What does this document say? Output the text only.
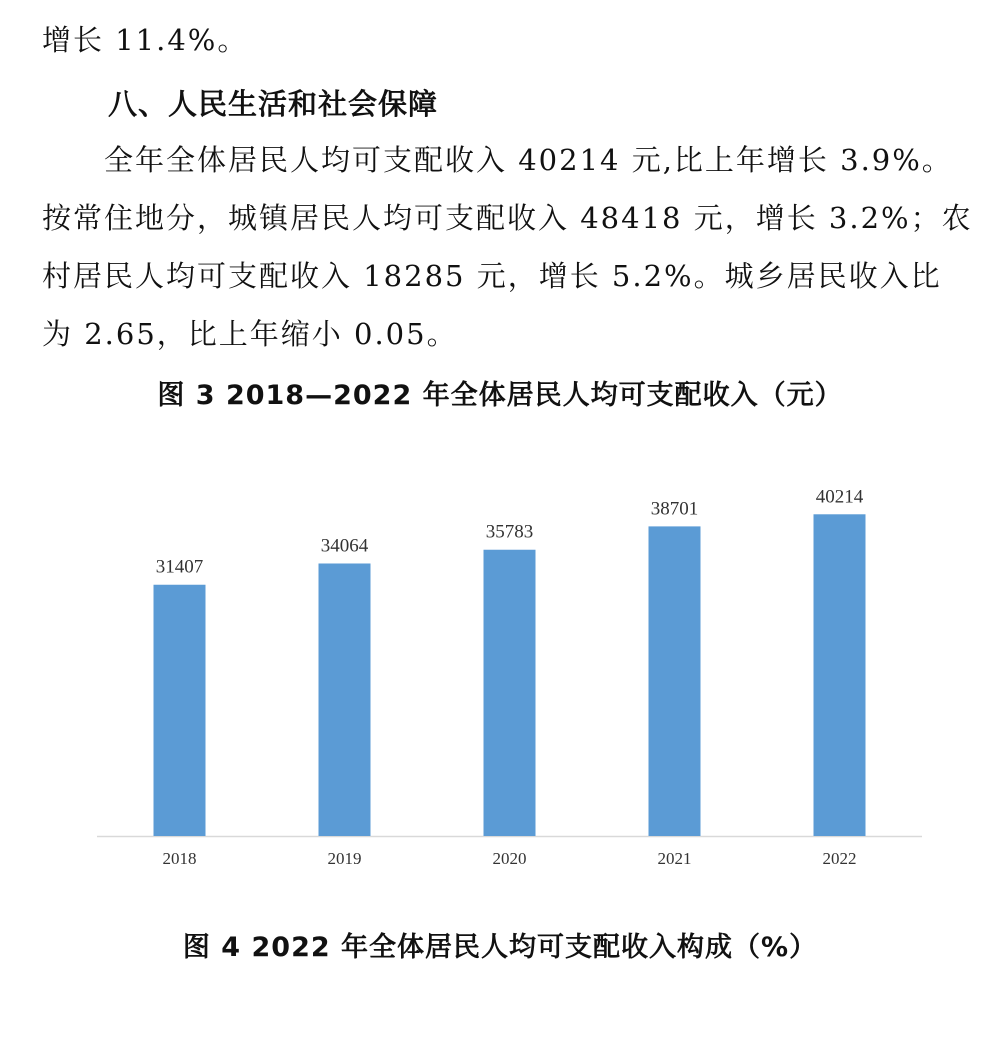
增长 11.4%。
八、人民生活和社会保障
　　全年全体居民人均可支配收入 40214 元,比上年增长 3.9%。
按常住地分，城镇居民人均可支配收入 48418 元，增长 3.2%；农
村居民人均可支配收入 18285 元，增长 5.2%。城乡居民收入比
为 2.65，比上年缩小 0.05。
图 3 2018—2022 年全体居民人均可支配收入（元）
31407
2018
34064
2019
35783
2020
38701
2021
40214
2022
图 4 2022 年全体居民人均可支配收入构成（%）
